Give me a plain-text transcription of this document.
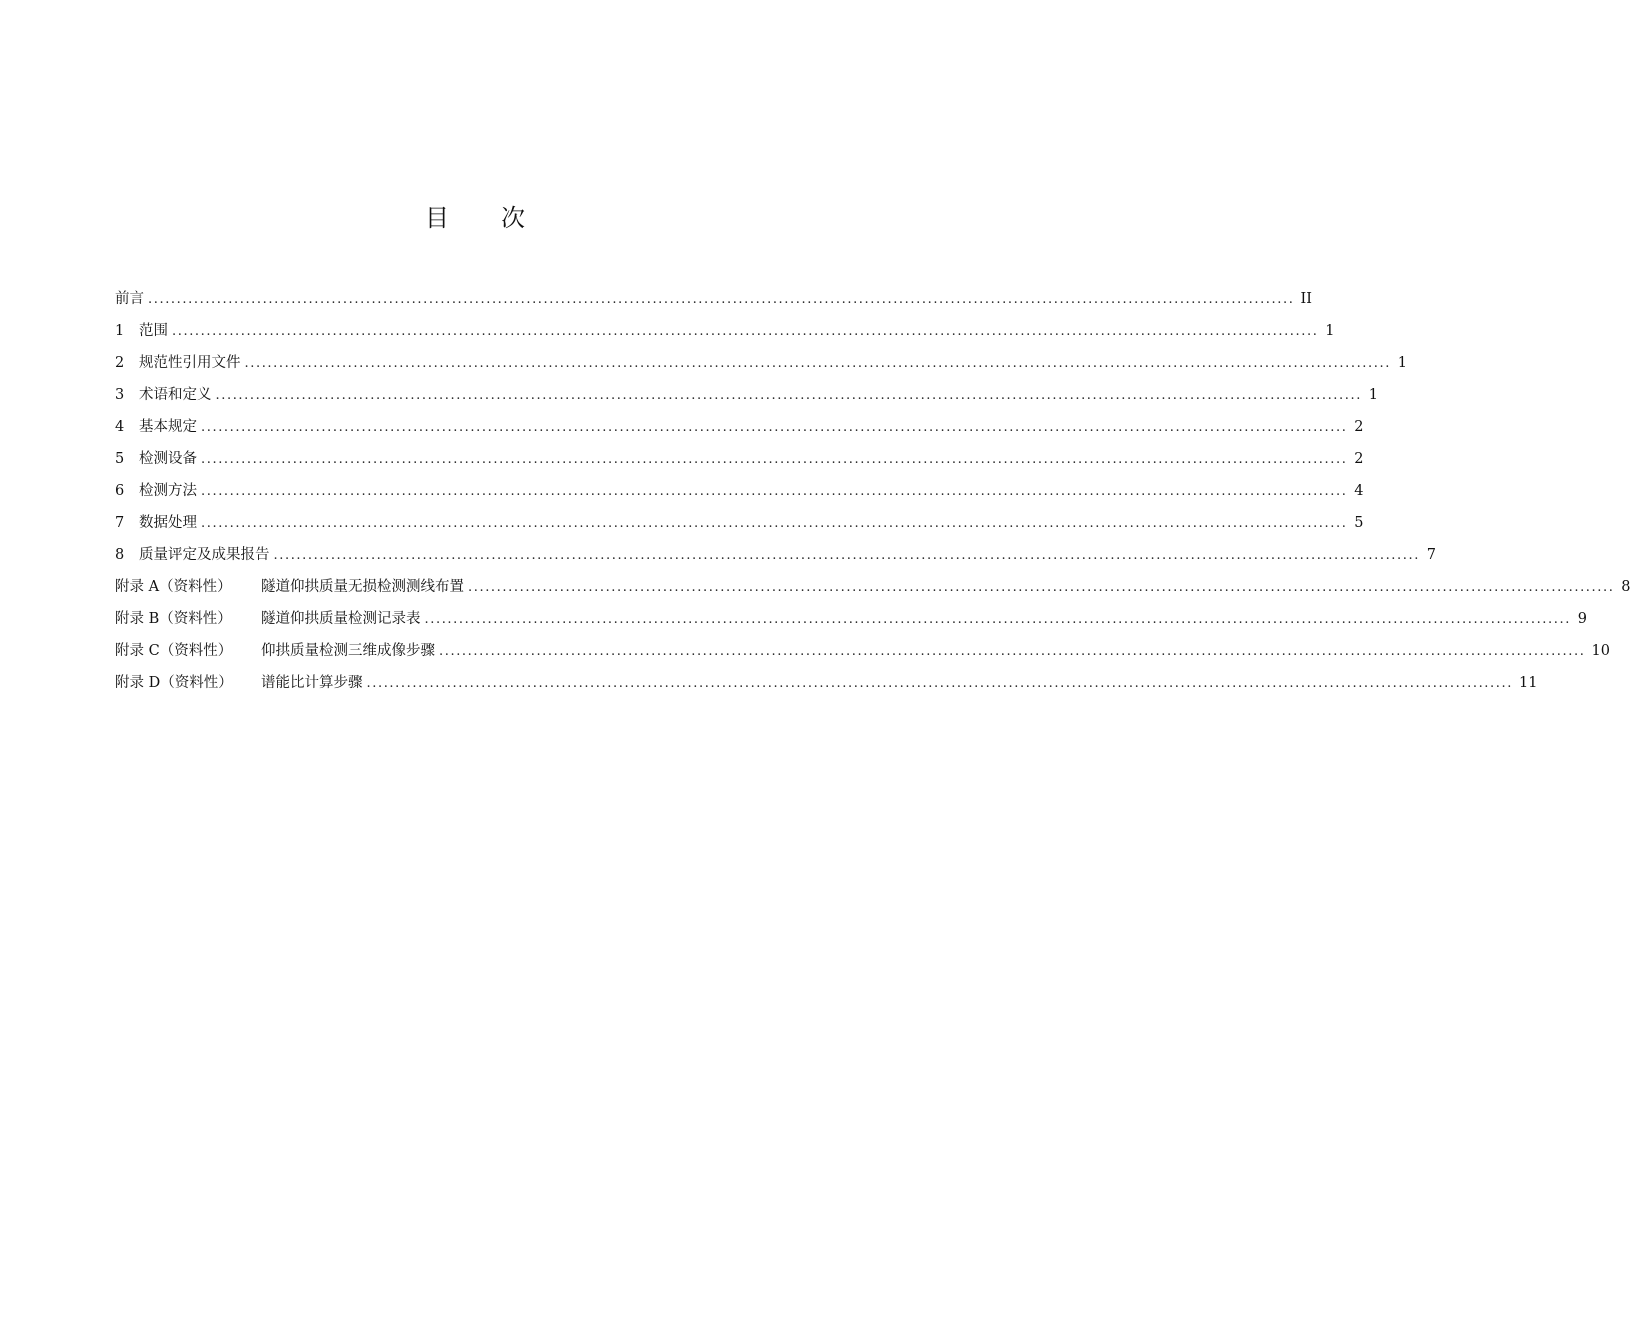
目 次
前言 ........................................................................................................................................................................................................ II
1	范围 ........................................................................................................................................................................................................ 1
2	规范性引用文件 ........................................................................................................................................................................................................ 1
3	术语和定义 ........................................................................................................................................................................................................ 1
4	基本规定 ........................................................................................................................................................................................................ 2
5	检测设备 ........................................................................................................................................................................................................ 2
6	检测方法 ........................................................................................................................................................................................................ 4
7	数据处理 ........................................................................................................................................................................................................ 5
8	质量评定及成果报告 ........................................................................................................................................................................................................ 7
附录 A（资料性）	隧道仰拱质量无损检测测线布置 ........................................................................................................................................................................................................ 8
附录 B（资料性）	隧道仰拱质量检测记录表 ........................................................................................................................................................................................................ 9
附录 C（资料性）	仰拱质量检测三维成像步骤 ........................................................................................................................................................................................................ 10
附录 D（资料性）	谱能比计算步骤 ........................................................................................................................................................................................................ 11
